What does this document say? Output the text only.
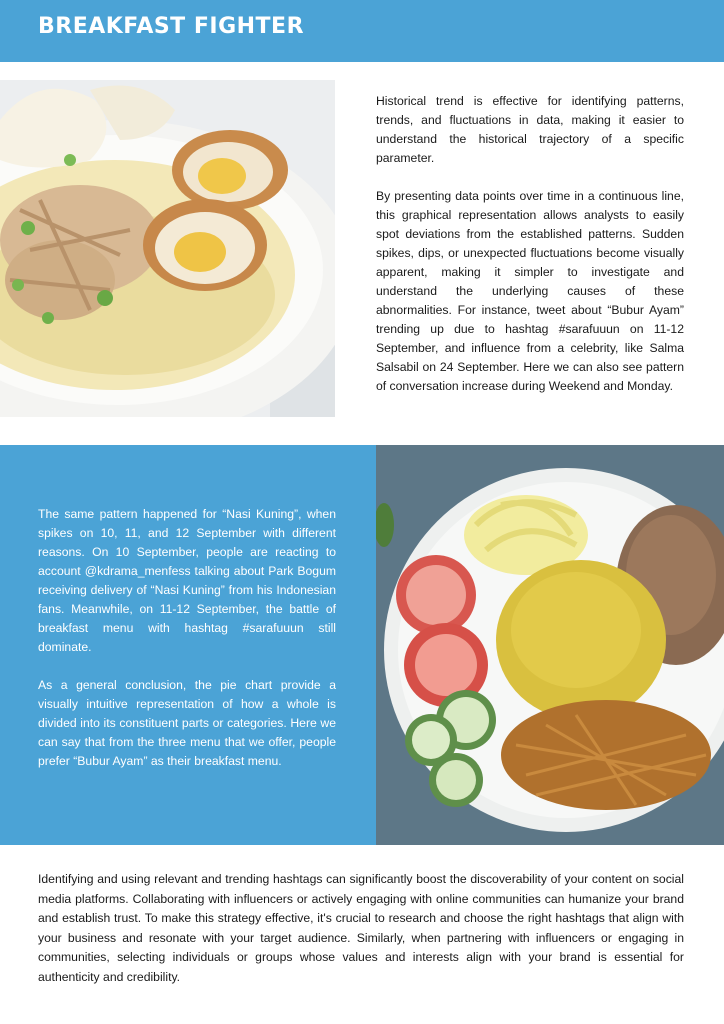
BREAKFAST FIGHTER

Historical trend is effective for identifying patterns, trends, and fluctuations in data, making it easier to understand the historical trajectory of a specific parameter.

By presenting data points over time in a continuous line, this graphical representation allows analysts to easily spot deviations from the established patterns. Sudden spikes, dips, or unexpected fluctuations become visually apparent, making it simpler to investigate and understand the underlying causes of these abnormalities. For instance, tweet about “Bubur Ayam” trending up due to hashtag #sarafuuun on 11-12 September, and influence from a celebrity, like Salma Salsabil on 24 September. Here we can also see pattern of conversation increase during Weekend and Monday.

The same pattern happened for “Nasi Kuning”, when spikes on 10, 11, and 12 September with different reasons. On 10 September, people are reacting to account @kdrama_menfess talking about Park Bogum receiving delivery of “Nasi Kuning” from his Indonesian fans. Meanwhile, on 11-12 September, the battle of breakfast menu with hashtag #sarafuuun still dominate.

As a general conclusion, the pie chart provide a visually intuitive representation of how a whole is divided into its constituent parts or categories. Here we can say that from the three menu that we offer, people prefer “Bubur Ayam” as their breakfast menu.

Identifying and using relevant and trending hashtags can significantly boost the discoverability of your content on social media platforms. Collaborating with influencers or actively engaging with online communities can humanize your brand and establish trust. To make this strategy effective, it's crucial to research and choose the right hashtags that align with your business and resonate with your target audience. Similarly, when partnering with influencers or engaging in communities, selecting individuals or groups whose values and interests align with your brand is essential for authenticity and credibility.
